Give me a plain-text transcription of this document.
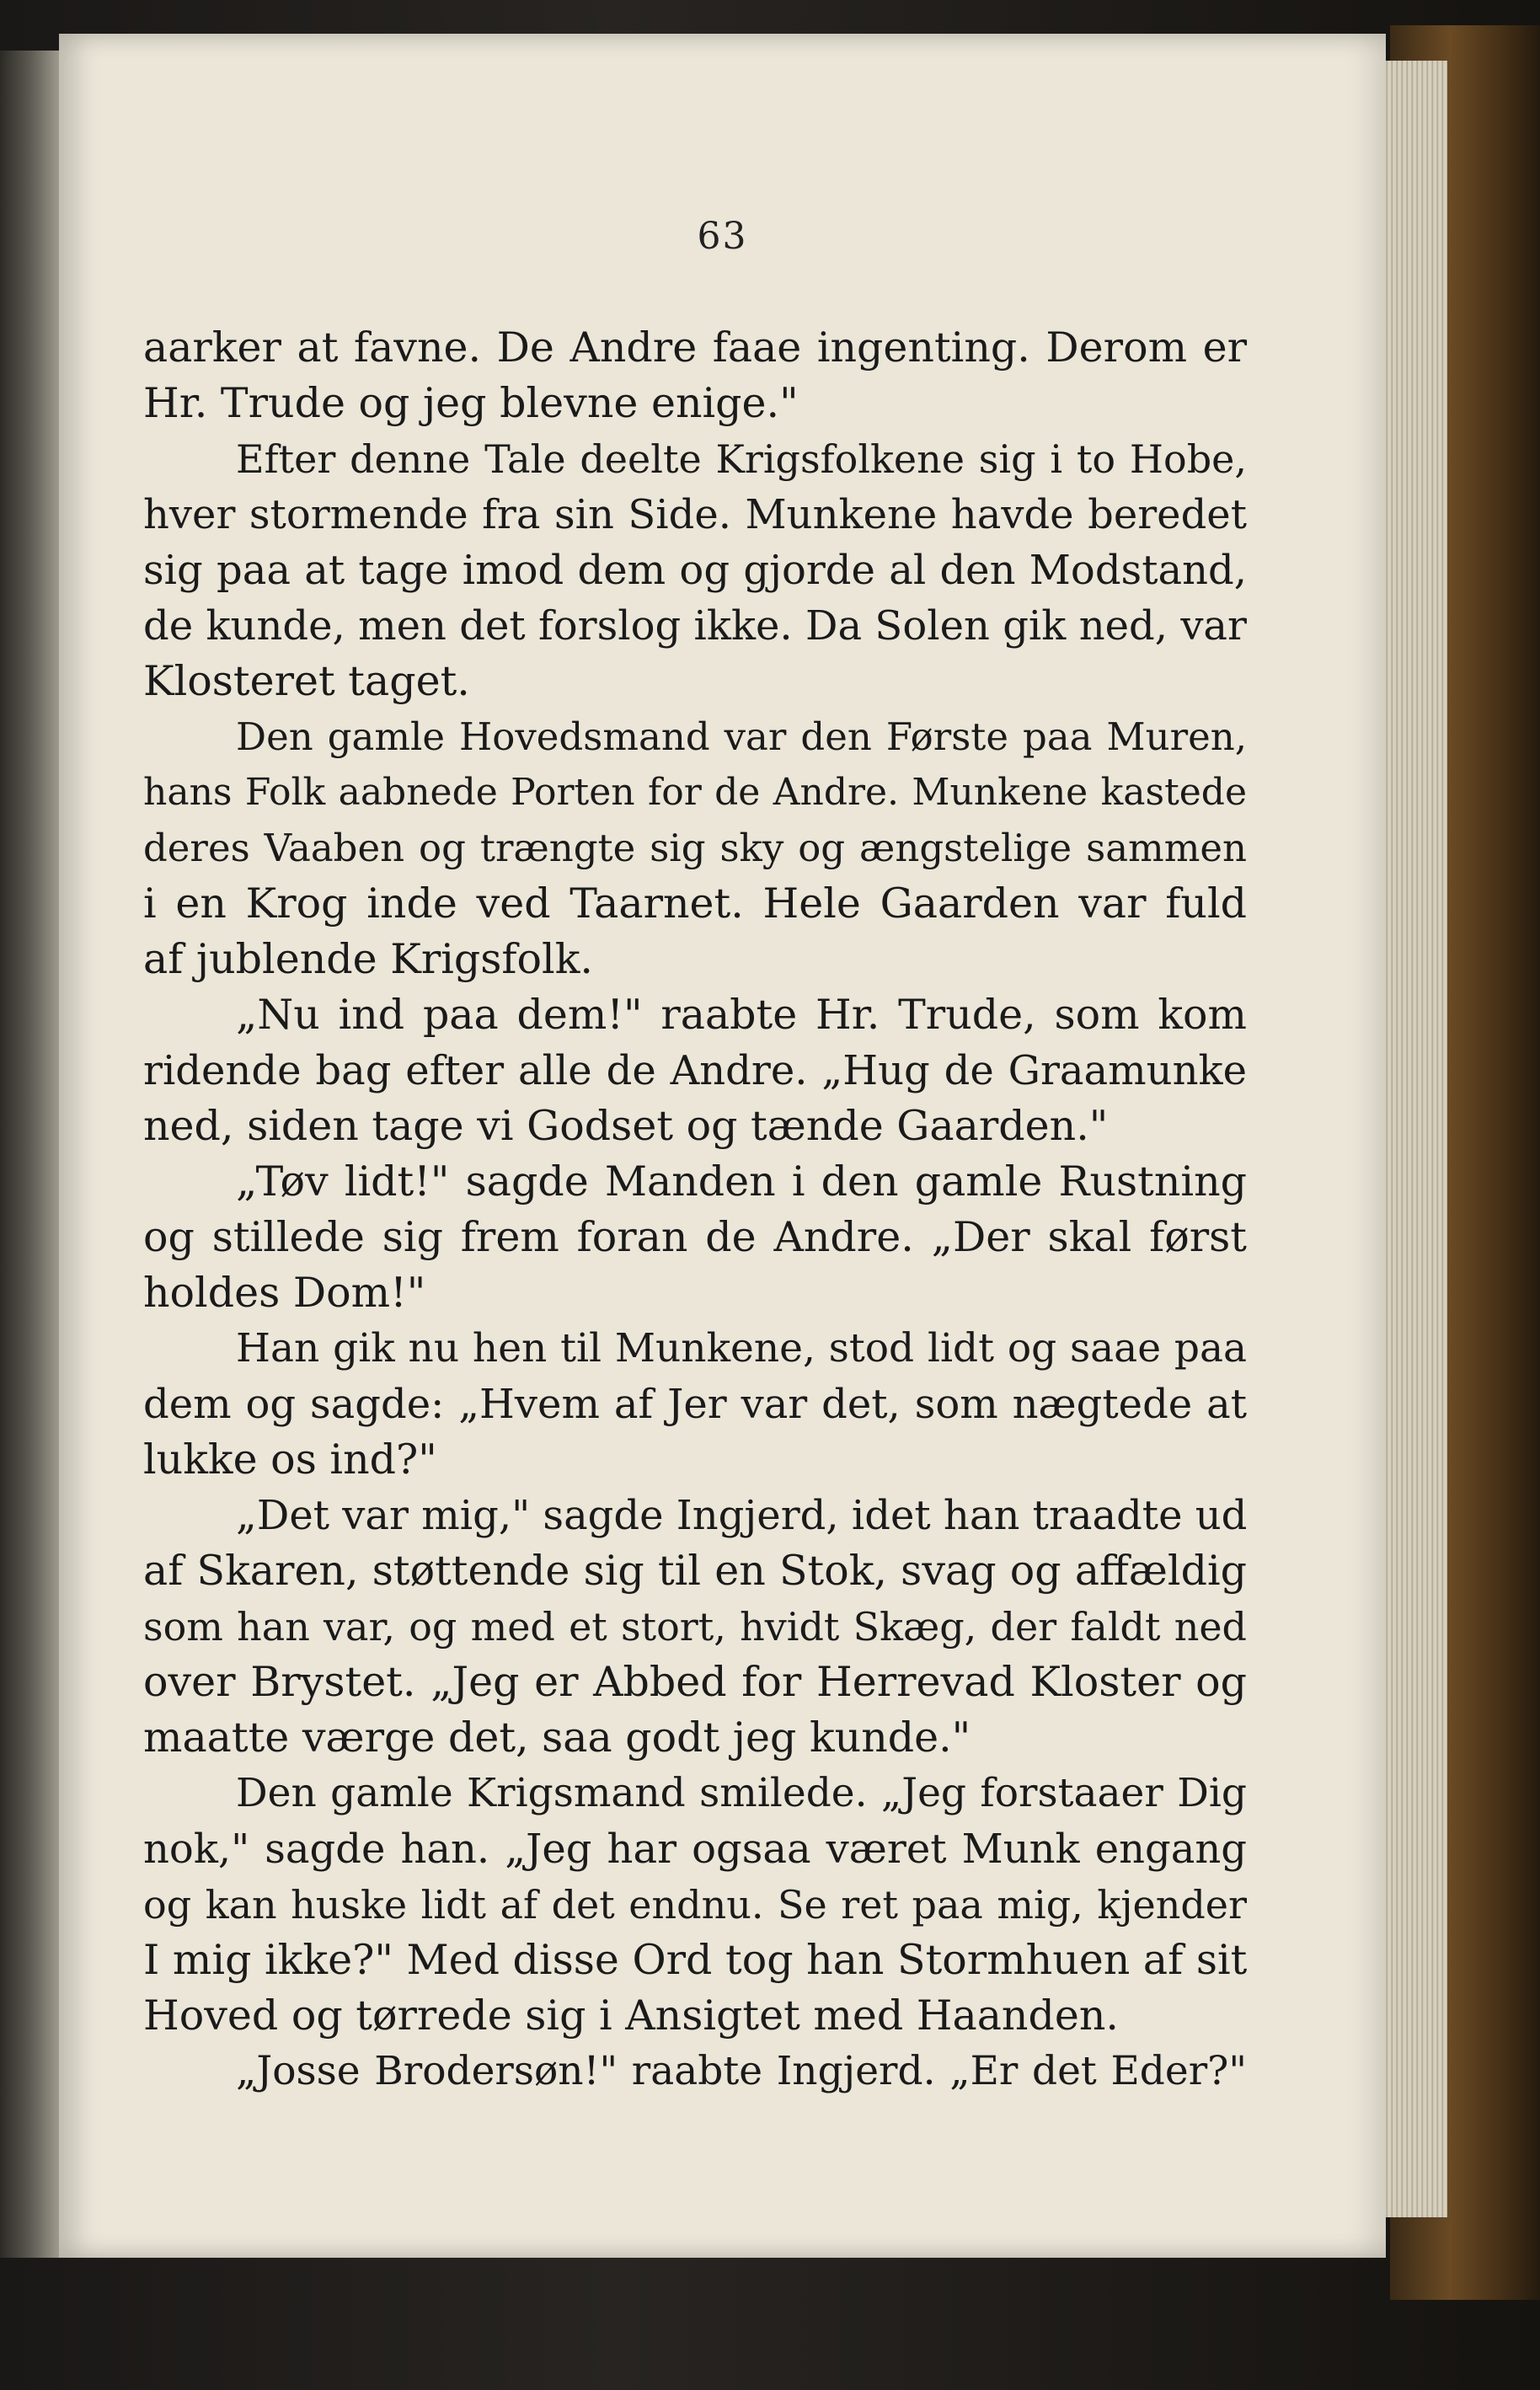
63
aarker at favne. De Andre faae ingenting. Derom er
Hr. Trude og jeg blevne enige."
Efter denne Tale deelte Krigsfolkene sig i to Hobe,
hver stormende fra sin Side. Munkene havde beredet
sig paa at tage imod dem og gjorde al den Modstand,
de kunde, men det forslog ikke. Da Solen gik ned, var
Klosteret taget.
Den gamle Hovedsmand var den Første paa Muren,
hans Folk aabnede Porten for de Andre. Munkene kastede
deres Vaaben og trængte sig sky og ængstelige sammen
i en Krog inde ved Taarnet. Hele Gaarden var fuld
af jublende Krigsfolk.
„Nu ind paa dem!" raabte Hr. Trude, som kom
ridende bag efter alle de Andre. „Hug de Graamunke
ned, siden tage vi Godset og tænde Gaarden."
„Tøv lidt!" sagde Manden i den gamle Rustning
og stillede sig frem foran de Andre. „Der skal først
holdes Dom!"
Han gik nu hen til Munkene, stod lidt og saae paa
dem og sagde: „Hvem af Jer var det, som nægtede at
lukke os ind?"
„Det var mig," sagde Ingjerd, idet han traadte ud
af Skaren, støttende sig til en Stok, svag og affældig
som han var, og med et stort, hvidt Skæg, der faldt ned
over Brystet. „Jeg er Abbed for Herrevad Kloster og
maatte værge det, saa godt jeg kunde."
Den gamle Krigsmand smilede. „Jeg forstaaer Dig
nok," sagde han. „Jeg har ogsaa været Munk engang
og kan huske lidt af det endnu. Se ret paa mig, kjender
I mig ikke?" Med disse Ord tog han Stormhuen af sit
Hoved og tørrede sig i Ansigtet med Haanden.
„Josse Brodersøn!" raabte Ingjerd. „Er det Eder?"
